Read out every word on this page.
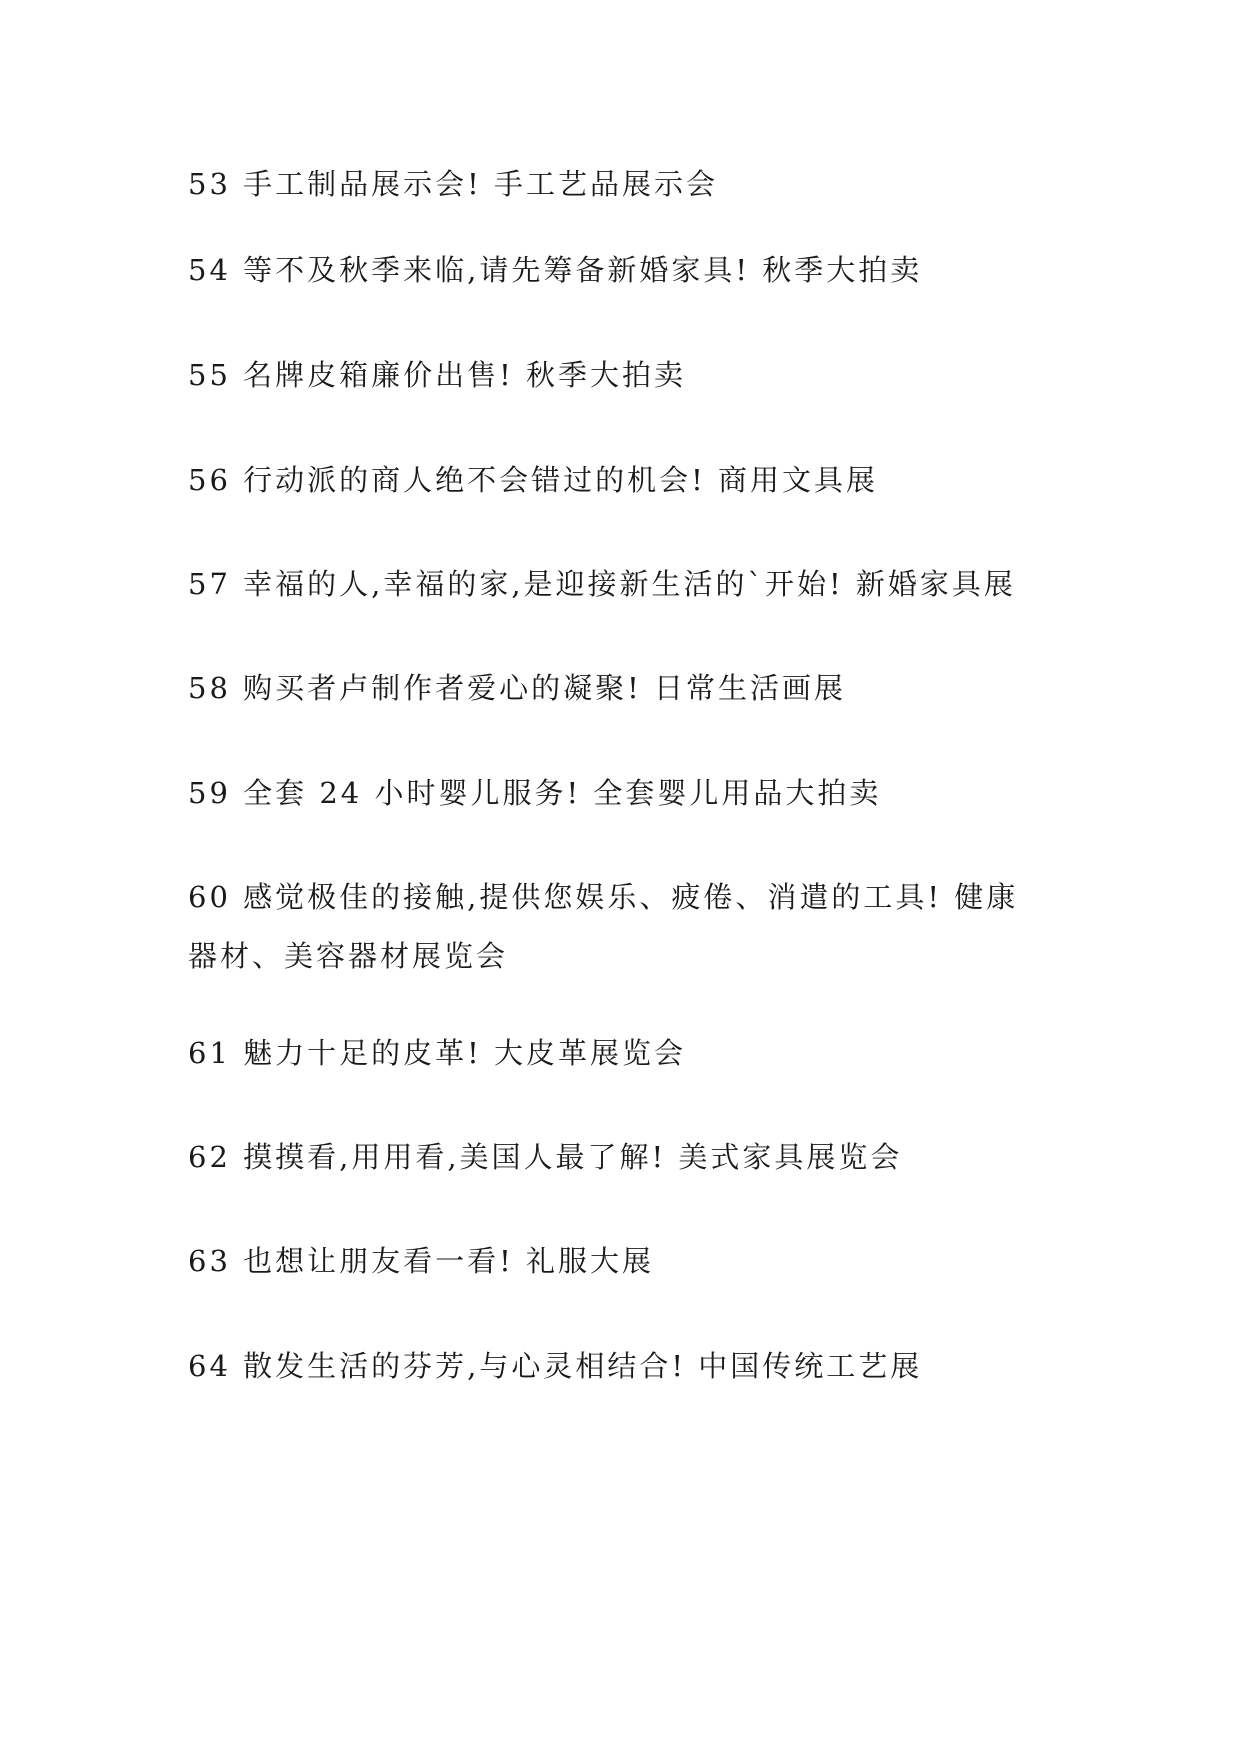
53 手工制品展示会! 手工艺品展示会
54 等不及秋季来临,请先筹备新婚家具! 秋季大拍卖
55 名牌皮箱廉价出售! 秋季大拍卖
56 行动派的商人绝不会错过的机会! 商用文具展
57 幸福的人,幸福的家,是迎接新生活的`开始! 新婚家具展
58 购买者卢制作者爱心的凝聚! 日常生活画展
59 全套 24 小时婴儿服务! 全套婴儿用品大拍卖
60 感觉极佳的接触,提供您娱乐、疲倦、消遣的工具! 健康
器材、美容器材展览会
61 魅力十足的皮革! 大皮革展览会
62 摸摸看,用用看,美国人最了解! 美式家具展览会
63 也想让朋友看一看! 礼服大展
64 散发生活的芬芳,与心灵相结合! 中国传统工艺展
